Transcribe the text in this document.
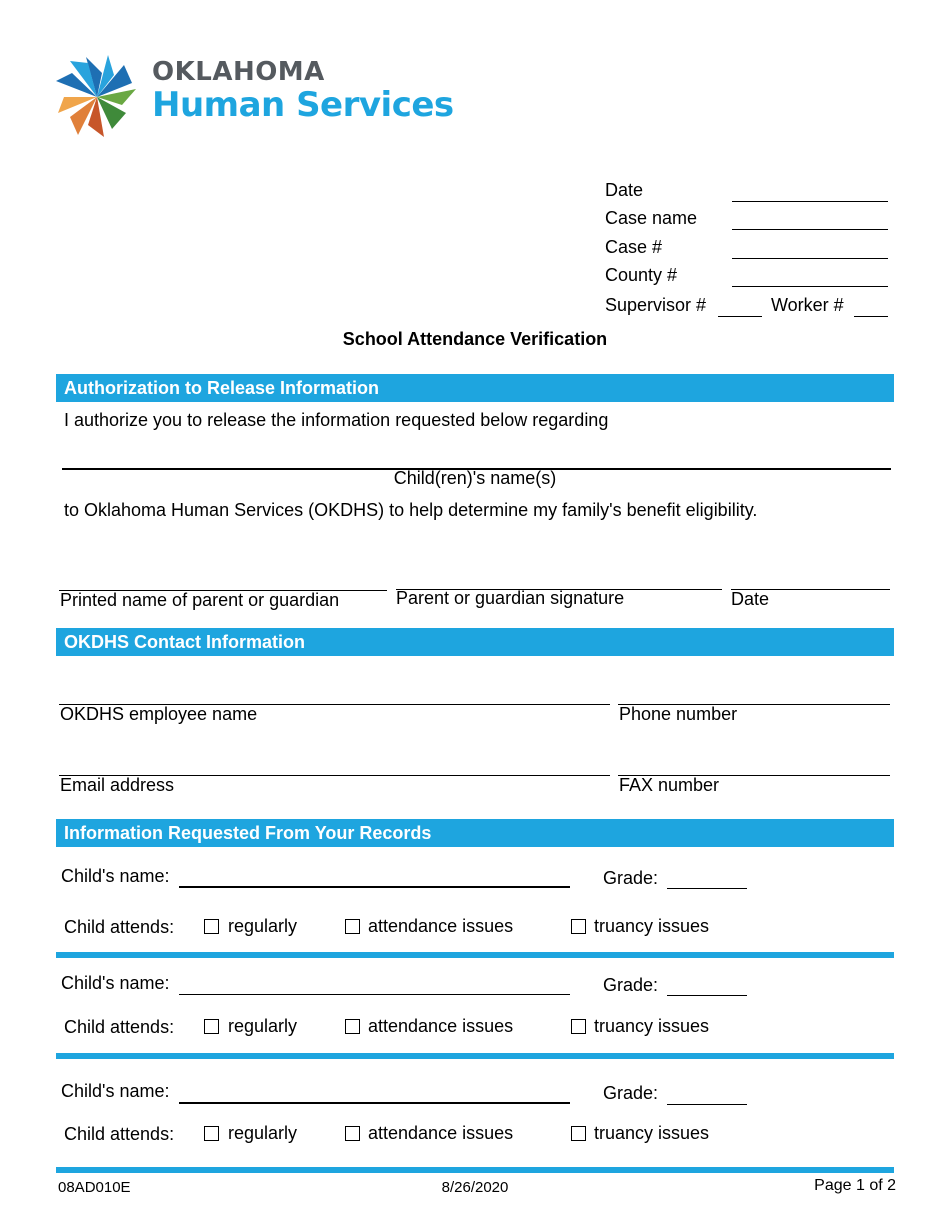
OKLAHOMA
Human Services
Date
Case name
Case #
County #
Supervisor #	Worker #
School Attendance Verification
Authorization to Release Information
I authorize you to release the information requested below regarding
Child(ren)'s name(s)
to Oklahoma Human Services (OKDHS) to help determine my family's benefit eligibility.
Printed name of parent or guardian	Parent or guardian signature	Date
OKDHS Contact Information
OKDHS employee name	Phone number
Email address	FAX number
Information Requested From Your Records
Child's name:	Grade:
Child attends:	regularly	attendance issues	truancy issues
Child's name:	Grade:
Child attends:	regularly	attendance issues	truancy issues
Child's name:	Grade:
Child attends:	regularly	attendance issues	truancy issues
08AD010E	8/26/2020	Page 1 of 2
